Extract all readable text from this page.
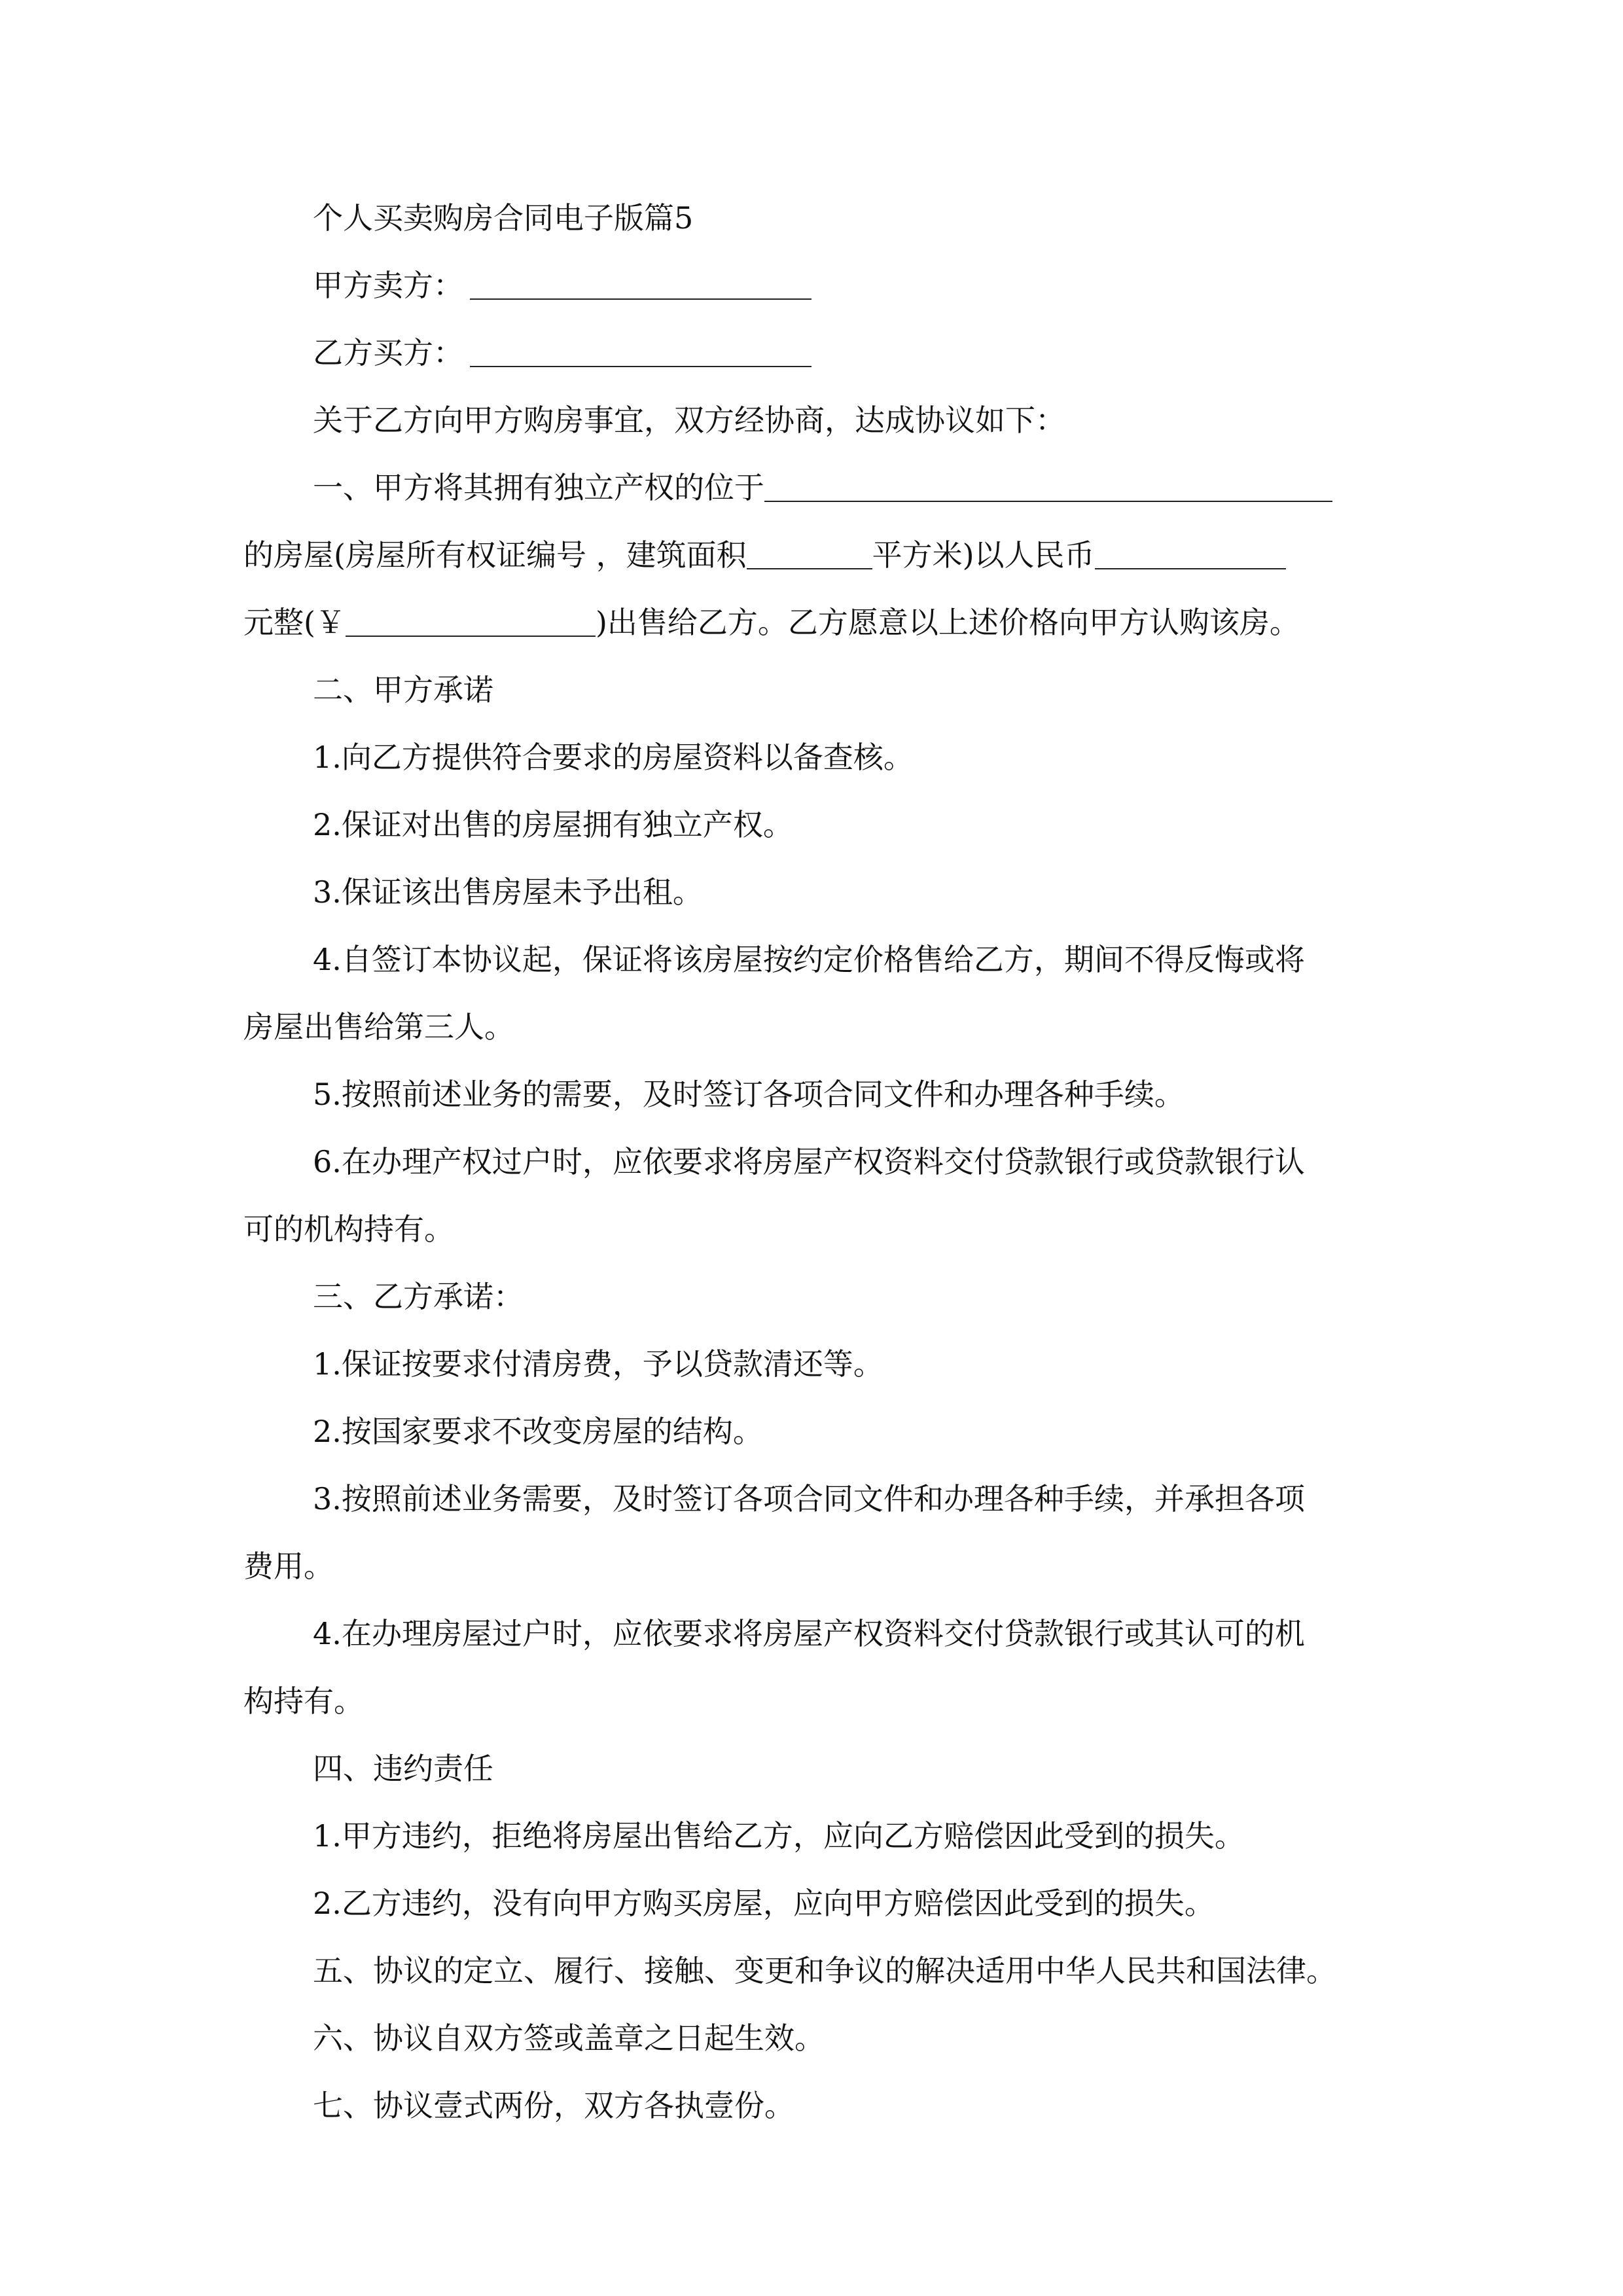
个人买卖购房合同电子版篇5
甲方卖方：
乙方买方：
关于乙方向甲方购房事宜，双方经协商，达成协议如下：
一、甲方将其拥有独立产权的位于
的房屋(房屋所有权证编号 ，建筑面积	平方米)以人民币
元整(￥	)出售给乙方。乙方愿意以上述价格向甲方认购该房。
二、甲方承诺
1.向乙方提供符合要求的房屋资料以备查核。
2.保证对出售的房屋拥有独立产权。
3.保证该出售房屋未予出租。
4.自签订本协议起，保证将该房屋按约定价格售给乙方，期间不得反悔或将
房屋出售给第三人。
5.按照前述业务的需要，及时签订各项合同文件和办理各种手续。
6.在办理产权过户时，应依要求将房屋产权资料交付贷款银行或贷款银行认
可的机构持有。
三、乙方承诺：
1.保证按要求付清房费，予以贷款清还等。
2.按国家要求不改变房屋的结构。
3.按照前述业务需要，及时签订各项合同文件和办理各种手续，并承担各项
费用。
4.在办理房屋过户时，应依要求将房屋产权资料交付贷款银行或其认可的机
构持有。
四、违约责任
1.甲方违约，拒绝将房屋出售给乙方，应向乙方赔偿因此受到的损失。
2.乙方违约，没有向甲方购买房屋，应向甲方赔偿因此受到的损失。
五、协议的定立、履行、接触、变更和争议的解决适用中华人民共和国法律。
六、协议自双方签或盖章之日起生效。
七、协议壹式两份，双方各执壹份。
